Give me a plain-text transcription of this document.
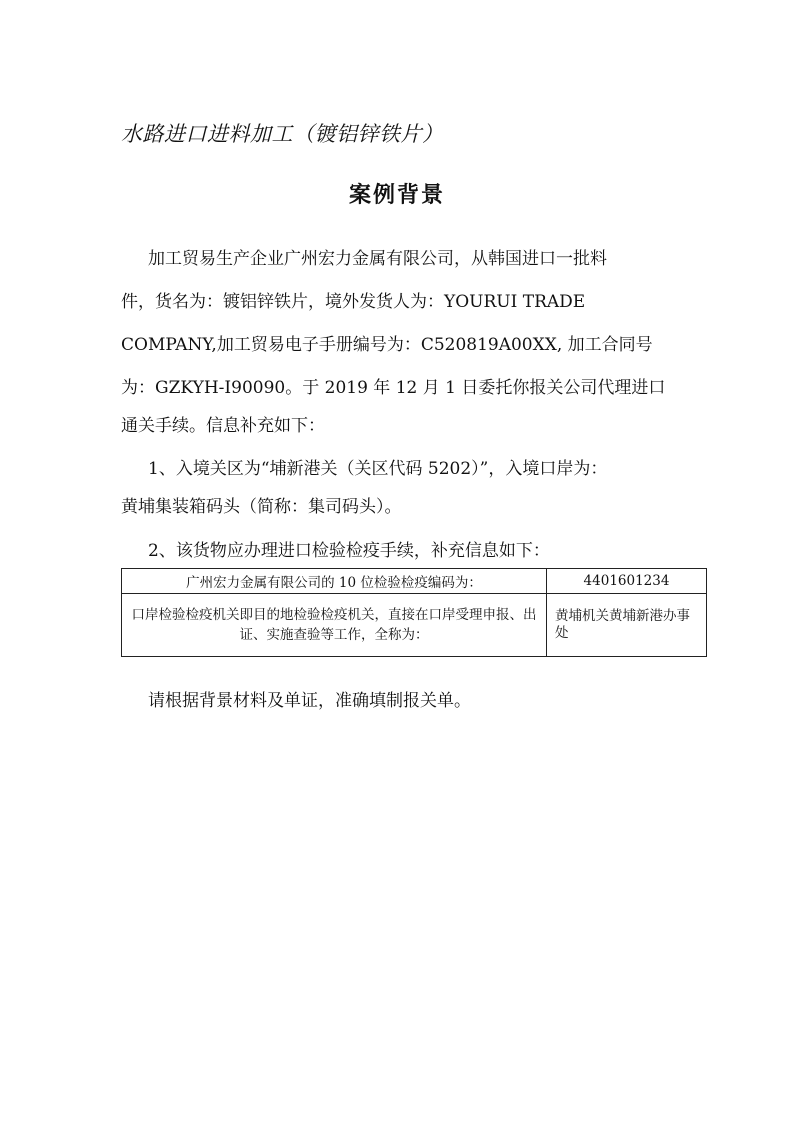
水路进口进料加工（镀铝锌铁片）
案例背景
加工贸易生产企业广州宏力金属有限公司，从韩国进口一批料
件，货名为：镀铝锌铁片，境外发货人为：YOURUI TRADE
COMPANY,加工贸易电子手册编号为：C520819A00XX, 加工合同号
为：GZKYH-I90090。于 2019 年 12 月 1 日委托你报关公司代理进口
通关手续。信息补充如下：
1、入境关区为“埔新港关（关区代码 5202）”，入境口岸为：
黄埔集装箱码头（简称：集司码头）。
2、该货物应办理进口检验检疫手续，补充信息如下：
广州宏力金属有限公司的 10 位检验检疫编码为：	4401601234
口岸检验检疫机关即目的地检验检疫机关，直接在口岸受理申报、出证、实施查验等工作，全称为：	黄埔机关黄埔新港办事处
请根据背景材料及单证，准确填制报关单。
